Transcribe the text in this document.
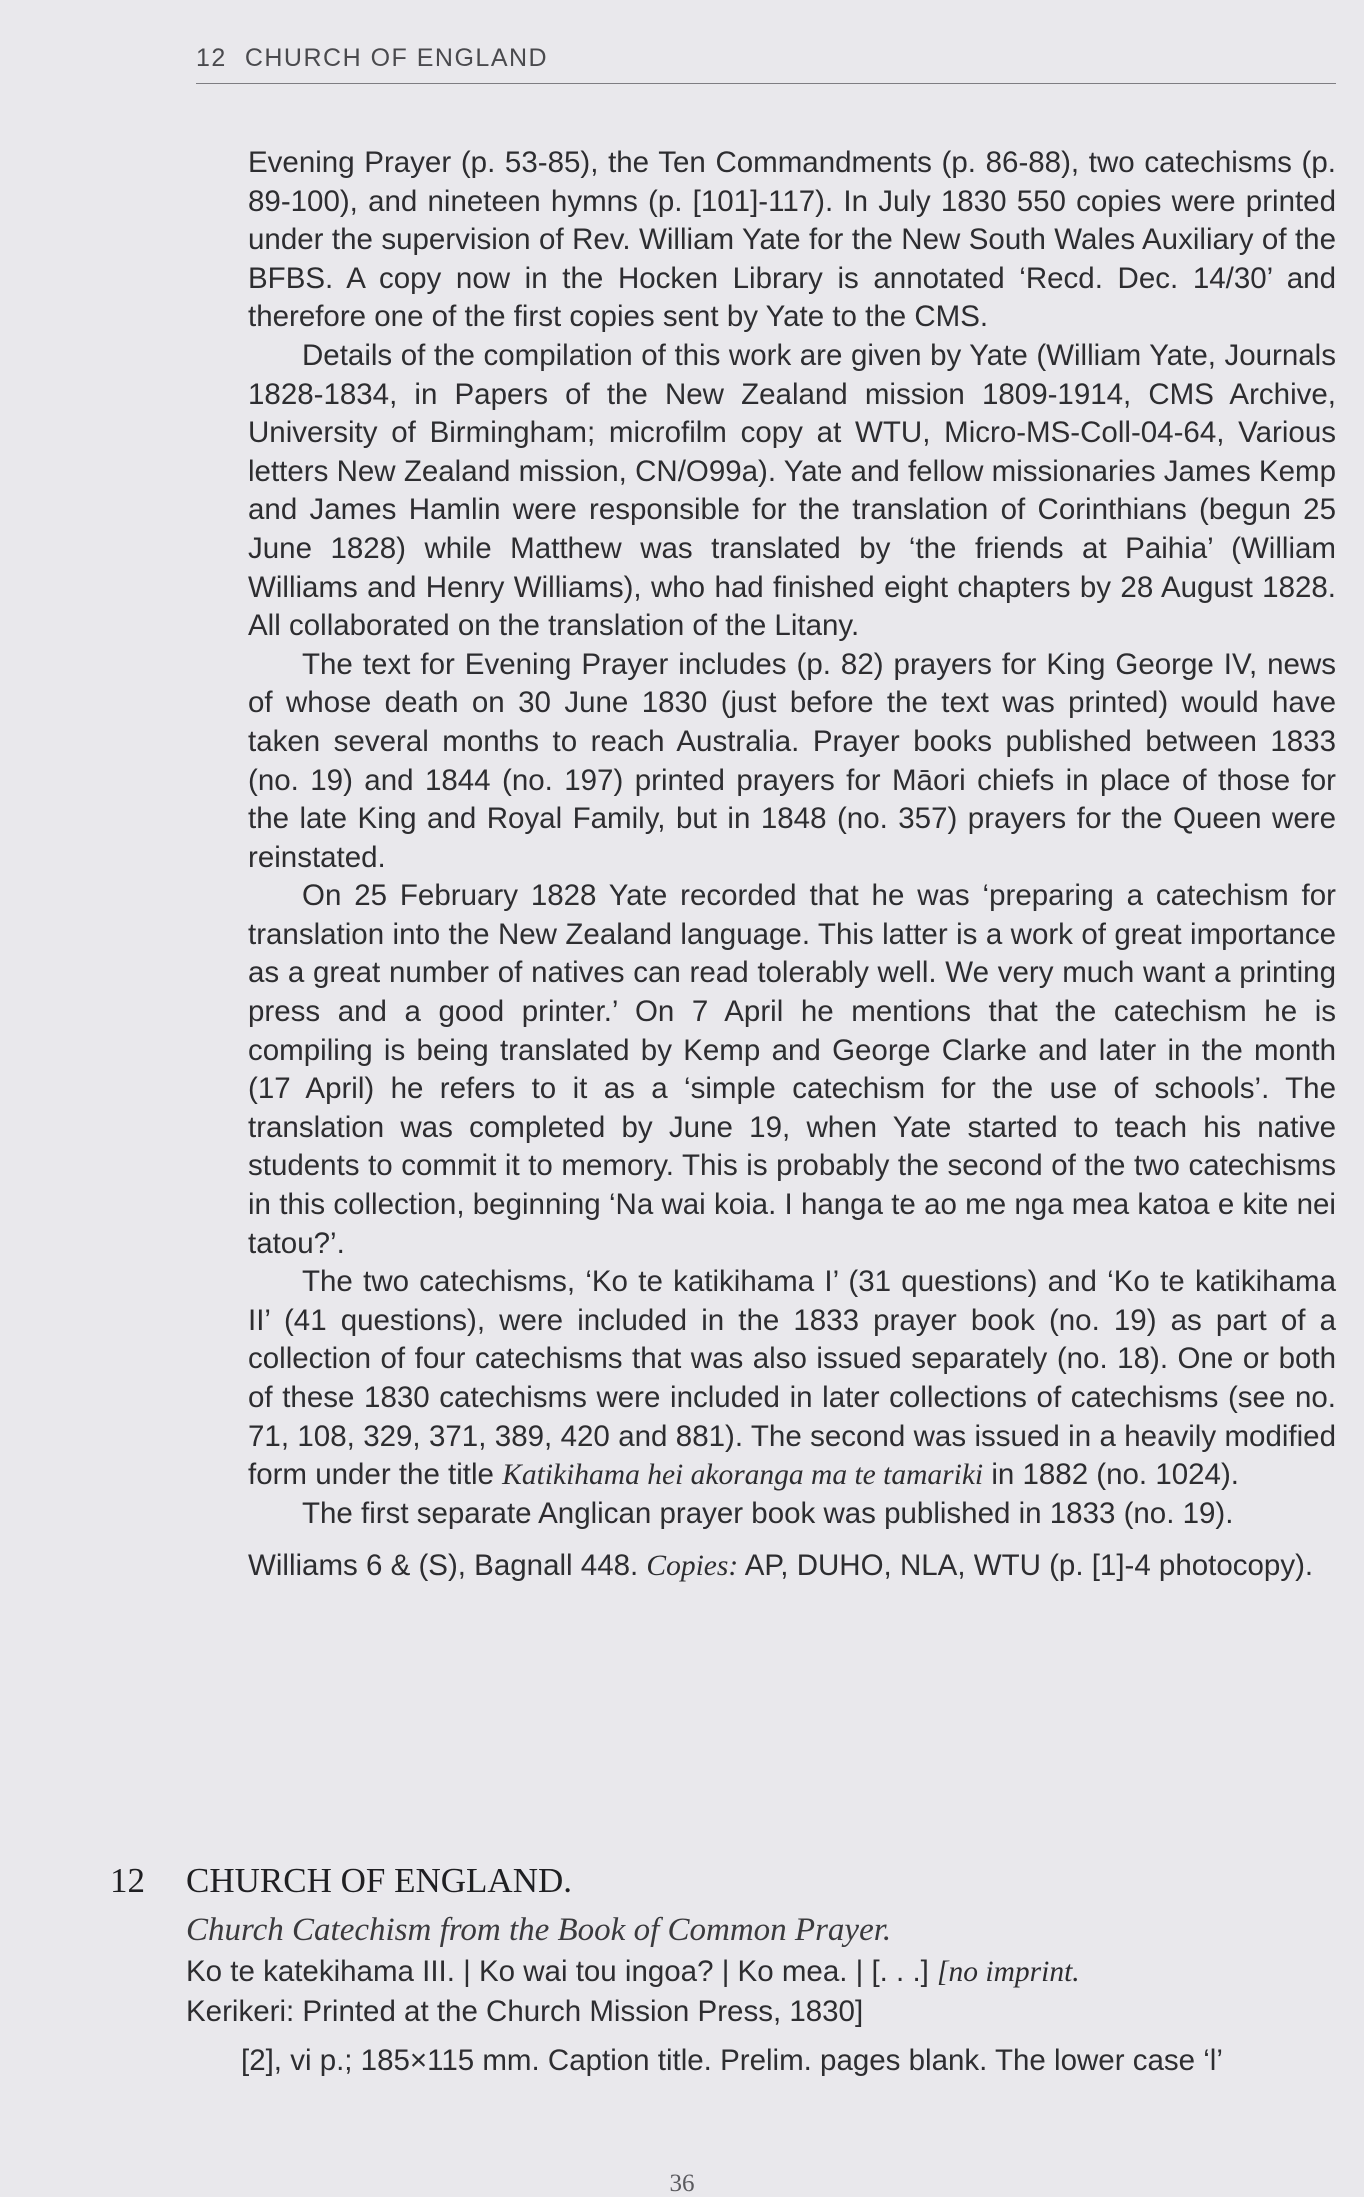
12 CHURCH OF ENGLAND

Evening Prayer (p. 53-85), the Ten Commandments (p. 86-88), two catechisms (p. 89-100), and nineteen hymns (p. [101]-117). In July 1830 550 copies were printed under the supervision of Rev. William Yate for the New South Wales Auxiliary of the BFBS. A copy now in the Hocken Library is annotated ‘Recd. Dec. 14/30’ and therefore one of the first copies sent by Yate to the CMS.

Details of the compilation of this work are given by Yate (William Yate, Journals 1828-1834, in Papers of the New Zealand mission 1809-1914, CMS Archive, University of Birmingham; microfilm copy at WTU, Micro-MS-Coll-04-64, Various letters New Zealand mission, CN/O99a). Yate and fellow missionaries James Kemp and James Hamlin were responsible for the translation of Corinthians (begun 25 June 1828) while Matthew was translated by ‘the friends at Paihia’ (William Williams and Henry Williams), who had finished eight chapters by 28 August 1828. All collaborated on the translation of the Litany.

The text for Evening Prayer includes (p. 82) prayers for King George IV, news of whose death on 30 June 1830 (just before the text was printed) would have taken several months to reach Australia. Prayer books published between 1833 (no. 19) and 1844 (no. 197) printed prayers for Māori chiefs in place of those for the late King and Royal Family, but in 1848 (no. 357) prayers for the Queen were reinstated.

On 25 February 1828 Yate recorded that he was ‘preparing a catechism for translation into the New Zealand language. This latter is a work of great importance as a great number of natives can read tolerably well. We very much want a printing press and a good printer.’ On 7 April he mentions that the catechism he is compiling is being translated by Kemp and George Clarke and later in the month (17 April) he refers to it as a ‘simple catechism for the use of schools’. The translation was completed by June 19, when Yate started to teach his native students to commit it to memory. This is probably the second of the two catechisms in this collection, beginning ‘Na wai koia. I hanga te ao me nga mea katoa e kite nei tatou?’.

The two catechisms, ‘Ko te katikihama I’ (31 questions) and ‘Ko te katikihama II’ (41 questions), were included in the 1833 prayer book (no. 19) as part of a collection of four catechisms that was also issued separately (no. 18). One or both of these 1830 catechisms were included in later collections of catechisms (see no. 71, 108, 329, 371, 389, 420 and 881). The second was issued in a heavily modified form under the title Katikihama hei akoranga ma te tamariki in 1882 (no. 1024).

The first separate Anglican prayer book was published in 1833 (no. 19).

Williams 6 & (S), Bagnall 448. Copies: AP, DUHO, NLA, WTU (p. [1]-4 photocopy).

12 CHURCH OF ENGLAND.
Church Catechism from the Book of Common Prayer.
Ko te katekihama III. | Ko wai tou ingoa? | Ko mea. | [. . .] [no imprint.
Kerikeri: Printed at the Church Mission Press, 1830]
[2], vi p.; 185×115 mm. Caption title. Prelim. pages blank. The lower case ‘l’
36
